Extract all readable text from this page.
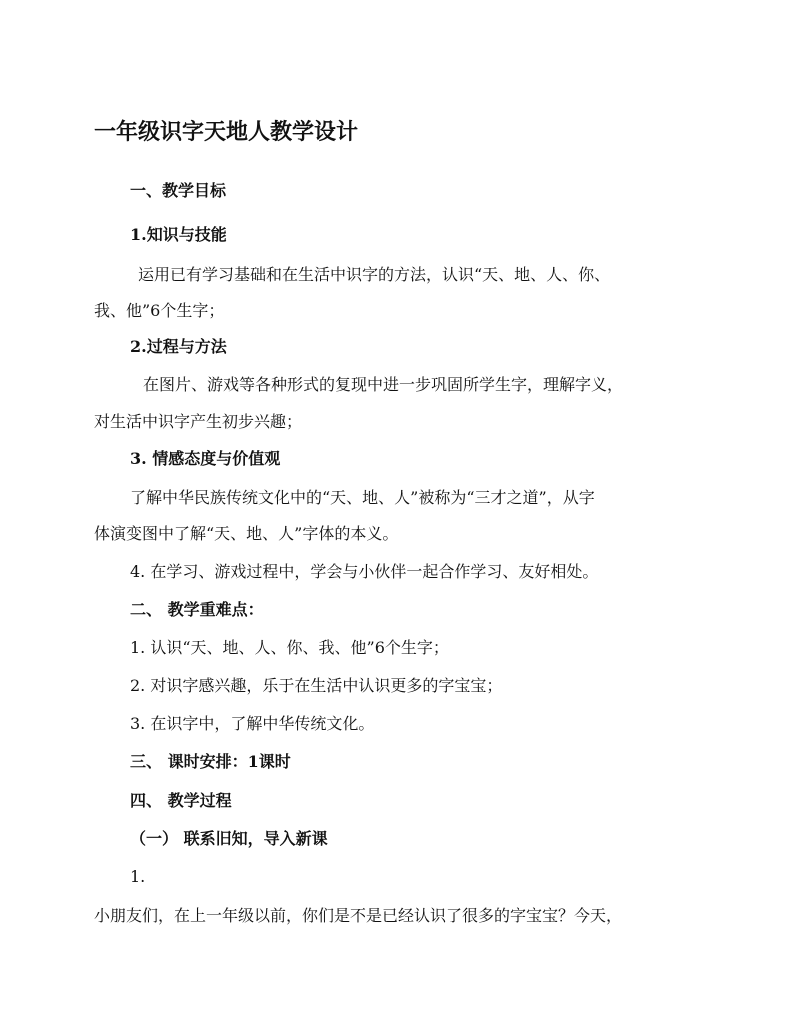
一年级识字天地人教学设计
一、教学目标
1.知识与技能
运用已有学习基础和在生活中识字的方法，认识“天、地、人、你、
我、他”6个生字；
2.过程与方法
在图片、游戏等各种形式的复现中进一步巩固所学生字，理解字义，
对生活中识字产生初步兴趣；
3. 情感态度与价值观
了解中华民族传统文化中的“天、地、人”被称为“三才之道”，从字
体演变图中了解“天、地、人”字体的本义。
4. 在学习、游戏过程中，学会与小伙伴一起合作学习、友好相处。
二、 教学重难点：
1. 认识“天、地、人、你、我、他”6个生字；
2. 对识字感兴趣，乐于在生活中认识更多的字宝宝；
3. 在识字中，了解中华传统文化。
三、 课时安排：1课时
四、 教学过程
（一） 联系旧知，导入新课
1.
小朋友们，在上一年级以前，你们是不是已经认识了很多的字宝宝？今天，
